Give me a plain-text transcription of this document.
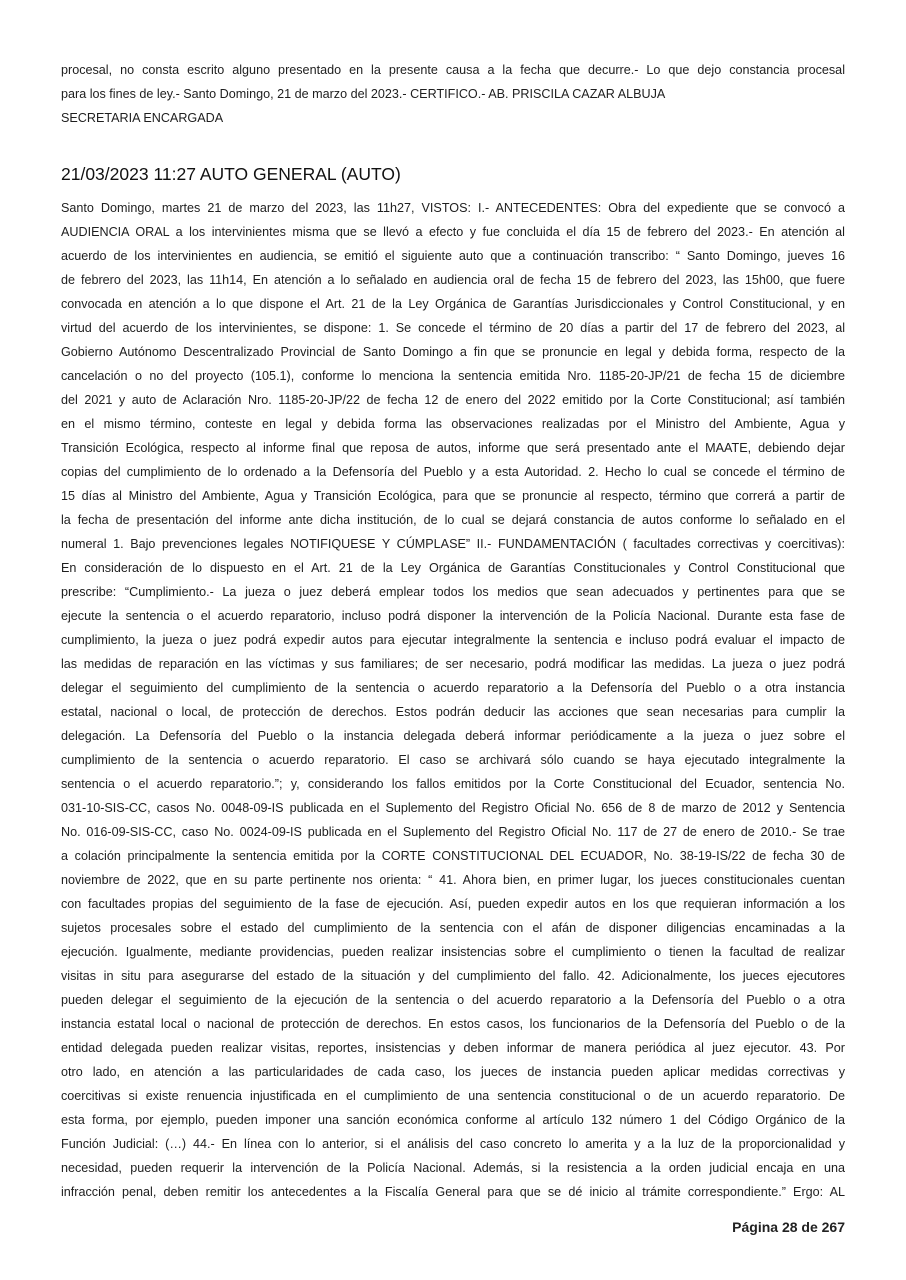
procesal, no consta escrito alguno presentado en la presente causa a la fecha que decurre.- Lo que dejo constancia procesal
para los fines de ley.- Santo Domingo, 21 de marzo del 2023.- CERTIFICO.- AB. PRISCILA CAZAR ALBUJA
SECRETARIA ENCARGADA
21/03/2023 11:27 AUTO GENERAL (AUTO)
Santo Domingo, martes 21 de marzo del 2023, las 11h27, VISTOS: I.- ANTECEDENTES: Obra del expediente que se convocó a
AUDIENCIA ORAL a los intervinientes misma que se llevó a efecto y fue concluida el día 15 de febrero del 2023.- En atención al
acuerdo de los intervinientes en audiencia, se emitió el siguiente auto que a continuación transcribo: “ Santo Domingo, jueves 16
de febrero del 2023, las 11h14, En atención a lo señalado en audiencia oral de fecha 15 de febrero del 2023, las 15h00, que fuere
convocada en atención a lo que dispone el Art. 21 de la Ley Orgánica de Garantías Jurisdiccionales y Control Constitucional, y en
virtud del acuerdo de los intervinientes, se dispone: 1. Se concede el término de 20 días a partir del 17 de febrero del 2023, al
Gobierno Autónomo Descentralizado Provincial de Santo Domingo a fin que se pronuncie en legal y debida forma, respecto de la
cancelación o no del proyecto (105.1), conforme lo menciona la sentencia emitida Nro. 1185-20-JP/21 de fecha 15 de diciembre
del 2021 y auto de Aclaración Nro. 1185-20-JP/22 de fecha 12 de enero del 2022 emitido por la Corte Constitucional; así también
en el mismo término, conteste en legal y debida forma las observaciones realizadas por el Ministro del Ambiente, Agua y
Transición Ecológica, respecto al informe final que reposa de autos, informe que será presentado ante el MAATE, debiendo dejar
copias del cumplimiento de lo ordenado a la Defensoría del Pueblo y a esta Autoridad. 2. Hecho lo cual se concede el término de
15 días al Ministro del Ambiente, Agua y Transición Ecológica, para que se pronuncie al respecto, término que correrá a partir de
la fecha de presentación del informe ante dicha institución, de lo cual se dejará constancia de autos conforme lo señalado en el
numeral 1. Bajo prevenciones legales NOTIFIQUESE Y CÚMPLASE” II.- FUNDAMENTACIÓN ( facultades correctivas y coercitivas):
En consideración de lo dispuesto en el Art. 21 de la Ley Orgánica de Garantías Constitucionales y Control Constitucional que
prescribe: “Cumplimiento.- La jueza o juez deberá emplear todos los medios que sean adecuados y pertinentes para que se
ejecute la sentencia o el acuerdo reparatorio, incluso podrá disponer la intervención de la Policía Nacional. Durante esta fase de
cumplimiento, la jueza o juez podrá expedir autos para ejecutar integralmente la sentencia e incluso podrá evaluar el impacto de
las medidas de reparación en las víctimas y sus familiares; de ser necesario, podrá modificar las medidas. La jueza o juez podrá
delegar el seguimiento del cumplimiento de la sentencia o acuerdo reparatorio a la Defensoría del Pueblo o a otra instancia
estatal, nacional o local, de protección de derechos. Estos podrán deducir las acciones que sean necesarias para cumplir la
delegación. La Defensoría del Pueblo o la instancia delegada deberá informar periódicamente a la jueza o juez sobre el
cumplimiento de la sentencia o acuerdo reparatorio. El caso se archivará sólo cuando se haya ejecutado integralmente la
sentencia o el acuerdo reparatorio.”; y, considerando los fallos emitidos por la Corte Constitucional del Ecuador, sentencia No.
031-10-SIS-CC, casos No. 0048-09-IS publicada en el Suplemento del Registro Oficial No. 656 de 8 de marzo de 2012 y Sentencia
No. 016-09-SIS-CC, caso No. 0024-09-IS publicada en el Suplemento del Registro Oficial No. 117 de 27 de enero de 2010.- Se trae
a colación principalmente la sentencia emitida por la CORTE CONSTITUCIONAL DEL ECUADOR, No. 38-19-IS/22 de fecha 30 de
noviembre de 2022, que en su parte pertinente nos orienta: “ 41. Ahora bien, en primer lugar, los jueces constitucionales cuentan
con facultades propias del seguimiento de la fase de ejecución. Así, pueden expedir autos en los que requieran información a los
sujetos procesales sobre el estado del cumplimiento de la sentencia con el afán de disponer diligencias encaminadas a la
ejecución. Igualmente, mediante providencias, pueden realizar insistencias sobre el cumplimiento o tienen la facultad de realizar
visitas in situ para asegurarse del estado de la situación y del cumplimiento del fallo. 42. Adicionalmente, los jueces ejecutores
pueden delegar el seguimiento de la ejecución de la sentencia o del acuerdo reparatorio a la Defensoría del Pueblo o a otra
instancia estatal local o nacional de protección de derechos. En estos casos, los funcionarios de la Defensoría del Pueblo o de la
entidad delegada pueden realizar visitas, reportes, insistencias y deben informar de manera periódica al juez ejecutor. 43. Por
otro lado, en atención a las particularidades de cada caso, los jueces de instancia pueden aplicar medidas correctivas y
coercitivas si existe renuencia injustificada en el cumplimiento de una sentencia constitucional o de un acuerdo reparatorio. De
esta forma, por ejemplo, pueden imponer una sanción económica conforme al artículo 132 número 1 del Código Orgánico de la
Función Judicial: (…) 44.- En línea con lo anterior, si el análisis del caso concreto lo amerita y a la luz de la proporcionalidad y
necesidad, pueden requerir la intervención de la Policía Nacional. Además, si la resistencia a la orden judicial encaja en una
infracción penal, deben remitir los antecedentes a la Fiscalía General para que se dé inicio al trámite correspondiente.” Ergo: AL
Página 28 de 267
